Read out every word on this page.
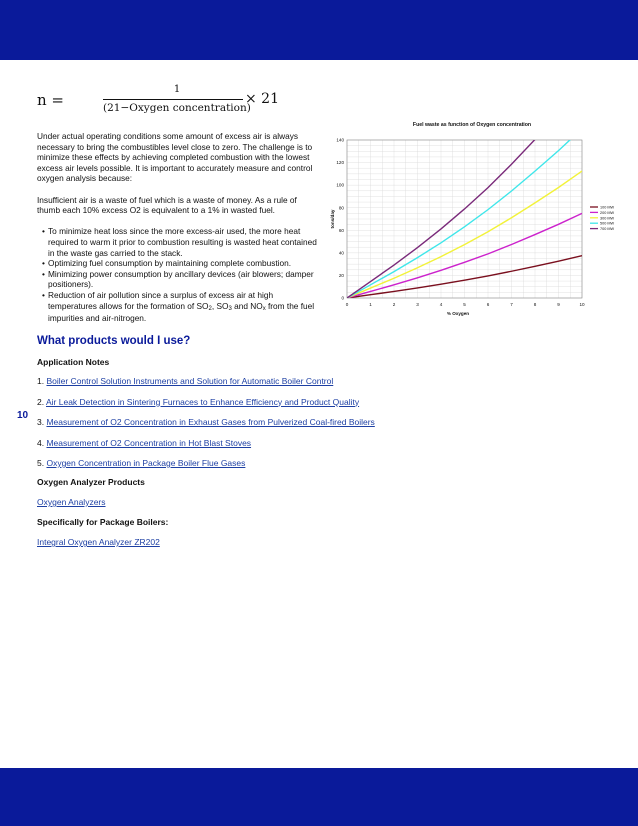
n =
1
(21−Oxygen concentration)
× 21

Under actual operating conditions some amount of excess air is always necessary to bring the combustibles level close to zero. The challenge is to minimize these effects by achieving completed combustion with the lowest excess air levels possible. It is important to accurately measure and control oxygen analysis because:

Insufficient air is a waste of fuel which is a waste of money. As a rule of thumb each 10% excess O2 is equivalent to a 1% in wasted fuel.

• To minimize heat loss since the more excess-air used, the more heat required to warm it prior to combustion resulting is wasted heat contained in the waste gas carried to the stack.
• Optimizing fuel consumption by maintaining complete combustion.
• Minimizing power consumption by ancillary devices (air blowers; damper positioners).
• Reduction of air pollution since a surplus of excess air at high temperatures allows for the formation of $SO_2$, $SO_3$ and $NO_x$ from the fuel impurities and air-nitrogen.
Fuel waste as function of Oxygen concentration
0	1	2	3	4	5	6	7	8	9	10
0
20
40
60
80
100
120
140
% Oxygen
tons/day
100 MW
200 MW
300 MW
500 MW
700 MW
What products would I use?
Application Notes
1. Boiler Control Solution Instruments and Solution for Automatic Boiler Control
2. Air Leak Detection in Sintering Furnaces to Enhance Efficiency and Product Quality
3. Measurement of O2 Concentration in Exhaust Gases from Pulverized Coal-fired Boilers
4. Measurement of O2 Concentration in Hot Blast Stoves
5. Oxygen Concentration in Package Boiler Flue Gases
10
Oxygen Analyzer Products
Oxygen Analyzers
Specifically for Package Boilers:
Integral Oxygen Analyzer ZR202
